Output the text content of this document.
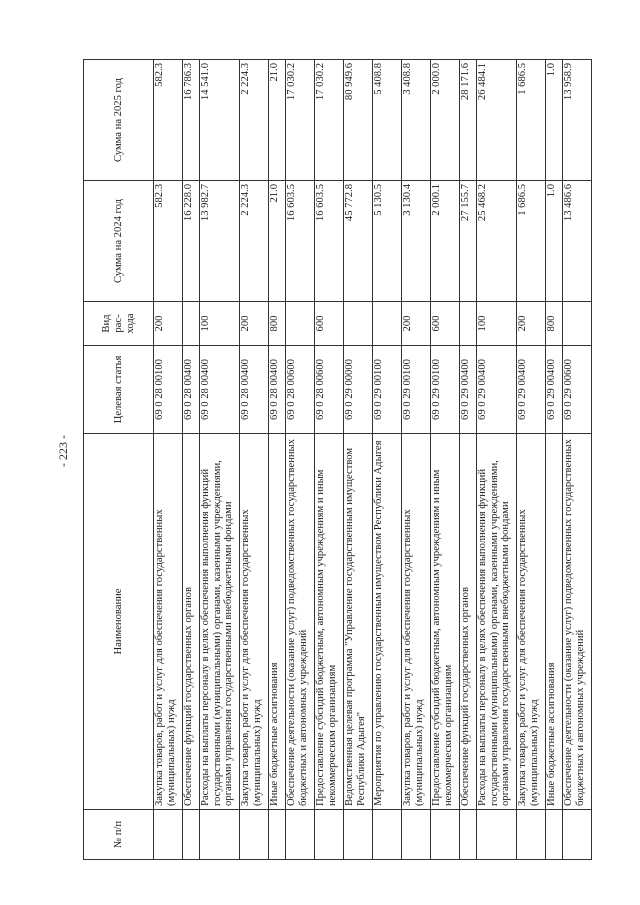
- 223 -
№ п/п	Наименование	Целевая статья	Вид рас- хода	Сумма на 2024 год	Сумма на 2025 год
	Закупка товаров, работ и услуг для обеспечения государственных (муниципальных) нужд	69 0 28 00100	200	582.3	582.3
	Обеспечение функций государственных органов	69 0 28 00400		16 228.0	16 786.3
	Расходы на выплаты персоналу в целях обеспечения выполнения функций государственными (муниципальными) органами, казенными учреждениями, органами управления государственными внебюджетными фондами	69 0 28 00400	100	13 982.7	14 541.0
	Закупка товаров, работ и услуг для обеспечения государственных (муниципальных) нужд	69 0 28 00400	200	2 224.3	2 224.3
	Иные бюджетные ассигнования	69 0 28 00400	800	21.0	21.0
	Обеспечение деятельности (оказание услуг) подведомственных государственных бюджетных и автономных учреждений	69 0 28 00600		16 603.5	17 030.2
	Предоставление субсидий бюджетным, автономным учреждениям и иным некоммерческим организациям	69 0 28 00600	600	16 603.5	17 030.2
	Ведомственная целевая программа "Управление государственным имуществом Республики Адыгея"	69 0 29 00000		45 772.8	80 949.6
	Мероприятия по управлению государственным имуществом Республики Адыгея	69 0 29 00100		5 130.5	5 408.8
	Закупка товаров, работ и услуг для обеспечения государственных (муниципальных) нужд	69 0 29 00100	200	3 130.4	3 408.8
	Предоставление субсидий бюджетным, автономным учреждениям и иным некоммерческим организациям	69 0 29 00100	600	2 000.1	2 000.0
	Обеспечение функций государственных органов	69 0 29 00400		27 155.7	28 171.6
	Расходы на выплаты персоналу в целях обеспечения выполнения функций государственными (муниципальными) органами, казенными учреждениями, органами управления государственными внебюджетными фондами	69 0 29 00400	100	25 468.2	26 484.1
	Закупка товаров, работ и услуг для обеспечения государственных (муниципальных) нужд	69 0 29 00400	200	1 686.5	1 686.5
	Иные бюджетные ассигнования	69 0 29 00400	800	1.0	1.0
	Обеспечение деятельности (оказание услуг) подведомственных государственных бюджетных и автономных учреждений	69 0 29 00600		13 486.6	13 958.9
